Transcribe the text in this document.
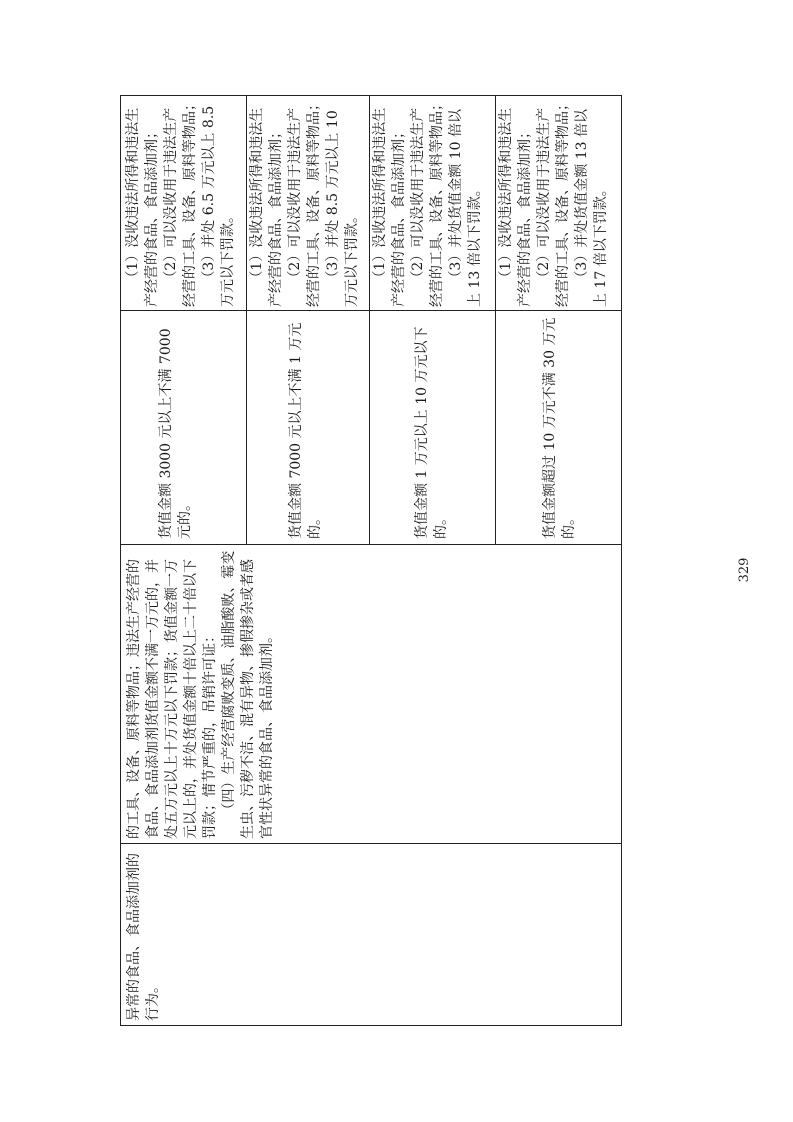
异常的食品、食品添加剂的行为。

的工具、设备、原料等物品；违法生产经营的食品、食品添加剂货值金额不满一万元的，并处五万元以上十万元以下罚款；货值金额一万元以上的，并处货值金额十倍以上二十倍以下罚款；情节严重的，吊销许可证： （四）生产经营腐败变质、油脂酸败、霉变生虫、污秽不洁、混有异物、掺假掺杂或者感官性状异常的食品、食品添加剂。

货值金额 3000 元以上不满 7000 元的。

（1）没收违法所得和违法生产经营的食品、食品添加剂； （2）可以没收用于违法生产经营的工具、设备、原料等物品； （3）并处 6.5 万元以上 8.5 万元以下罚款。

货值金额 7000 元以上不满 1 万元的。

（1）没收违法所得和违法生产经营的食品、食品添加剂； （2）可以没收用于违法生产经营的工具、设备、原料等物品； （3）并处 8.5 万元以上 10 万元以下罚款。

货值金额 1 万元以上 10 万元以下的。

（1）没收违法所得和违法生产经营的食品、食品添加剂； （2）可以没收用于违法生产经营的工具、设备、原料等物品； （3）并处货值金额 10 倍以上 13 倍以下罚款。

货值金额超过 10 万元不满 30 万元的。

（1）没收违法所得和违法生产经营的食品、食品添加剂； （2）可以没收用于违法生产经营的工具、设备、原料等物品； （3）并处货值金额 13 倍以上 17 倍以下罚款。

329
